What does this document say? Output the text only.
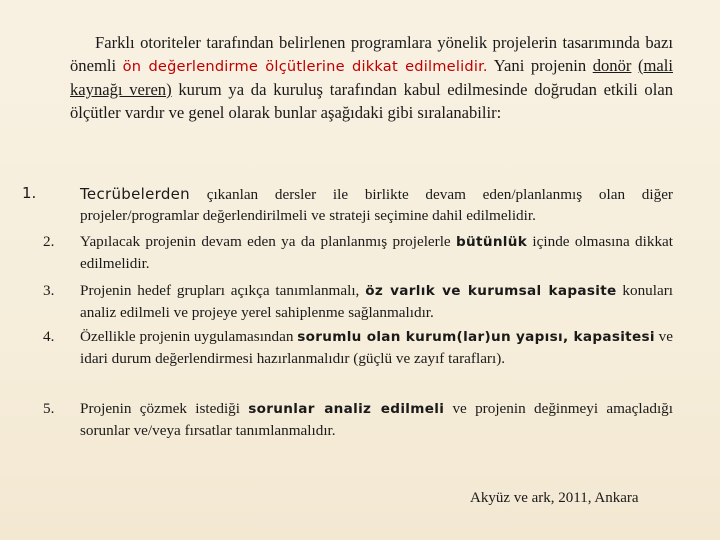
Farklı otoriteler tarafından belirlenen programlara yönelik projelerin tasarımında bazı önemli ön değerlendirme ölçütlerine dikkat edilmelidir. Yani projenin donör (mali kaynağı veren) kurum ya da kuruluş tarafından kabul edilmesinde doğrudan etkili olan ölçütler vardır ve genel olarak bunlar aşağıdaki gibi sıralanabilir:

1.	Tecrübelerden çıkanlan dersler ile birlikte devam eden/planlanmış olan diğer projeler/programlar değerlendirilmeli ve strateji seçimine dahil edilmelidir.

2. Yapılacak projenin devam eden ya da planlanmış projelerle bütünlük içinde olmasına dikkat edilmelidir.

3. Projenin hedef grupları açıkça tanımlanmalı, öz varlık ve kurumsal kapasite konuları analiz edilmeli ve projeye yerel sahiplenme sağlanmalıdır.

4. Özellikle projenin uygulamasından sorumlu olan kurum(lar)un yapısı, kapasitesi ve idari durum değerlendirmesi hazırlanmalıdır (güçlü ve zayıf tarafları).

5. Projenin çözmek istediği sorunlar analiz edilmeli ve projenin değinmeyi amaçladığı sorunlar ve/veya fırsatlar tanımlanmalıdır.

Akyüz ve ark, 2011, Ankara
